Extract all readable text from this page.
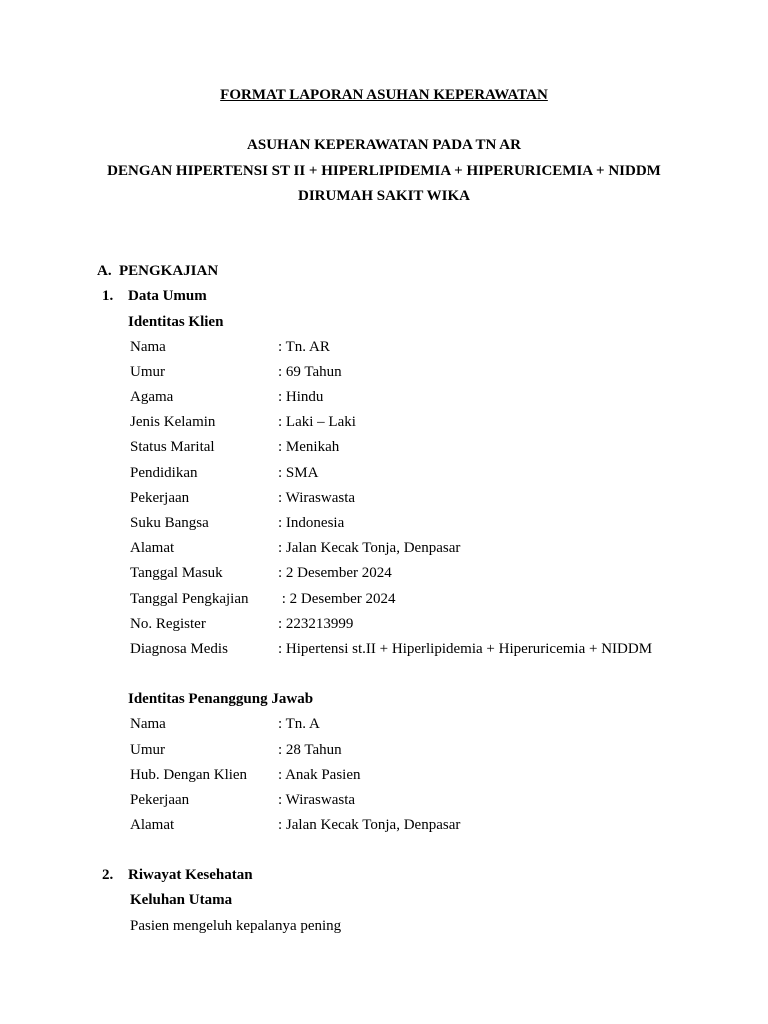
FORMAT LAPORAN ASUHAN KEPERAWATAN
ASUHAN KEPERAWATAN PADA TN AR
DENGAN HIPERTENSI ST II + HIPERLIPIDEMIA + HIPERURICEMIA + NIDDM
DIRUMAH SAKIT WIKA
A. PENGKAJIAN
1. Data Umum
Identitas Klien
Nama	: Tn. AR
Umur	: 69 Tahun
Agama	: Hindu
Jenis Kelamin	: Laki – Laki
Status Marital	: Menikah
Pendidikan	: SMA
Pekerjaan	: Wiraswasta
Suku Bangsa	: Indonesia
Alamat	: Jalan Kecak Tonja, Denpasar
Tanggal Masuk	: 2 Desember 2024
Tanggal Pengkajian : 2 Desember 2024
No. Register	: 223213999
Diagnosa Medis	: Hipertensi st.II + Hiperlipidemia + Hiperuricemia + NIDDM
Identitas Penanggung Jawab
Nama	: Tn. A
Umur	: 28 Tahun
Hub. Dengan Klien : Anak Pasien
Pekerjaan	: Wiraswasta
Alamat	: Jalan Kecak Tonja, Denpasar
2. Riwayat Kesehatan
Keluhan Utama
Pasien mengeluh kepalanya pening
